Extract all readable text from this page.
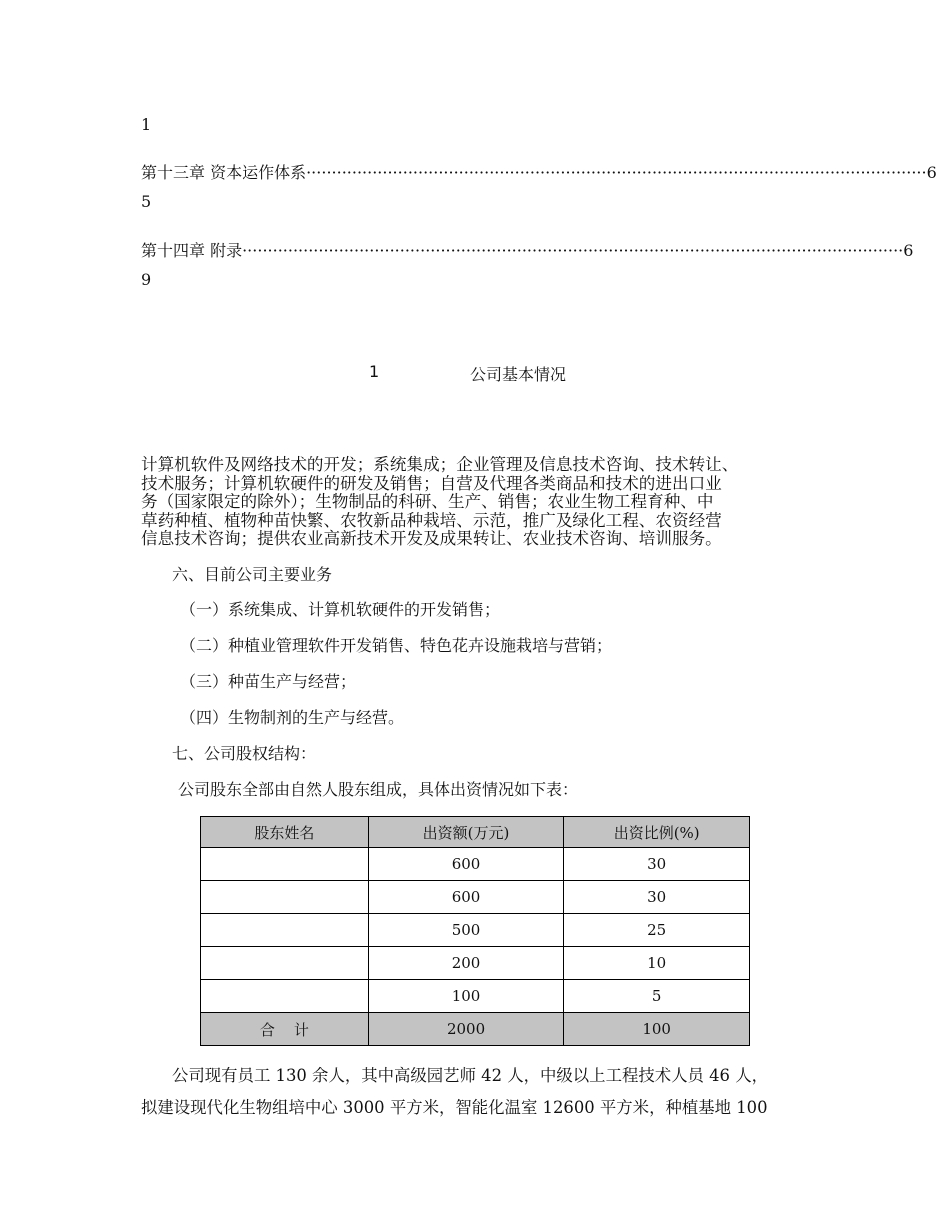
1
第十三章 资本运作体系 ·························································································································· 6
5
第十四章 附录 ·································································································································· 6
9
1	公司基本情况
计算机软件及网络技术的开发；系统集成；企业管理及信息技术咨询、技术转让、
技术服务；计算机软硬件的研发及销售；自营及代理各类商品和技术的进出口业
务（国家限定的除外）；生物制品的科研、生产、销售；农业生物工程育种、中
草药种植、植物种苗快繁、农牧新品种栽培、示范，推广及绿化工程、农资经营
信息技术咨询；提供农业高新技术开发及成果转让、农业技术咨询、培训服务。
六、目前公司主要业务
（一）系统集成、计算机软硬件的开发销售；
（二）种植业管理软件开发销售、特色花卉设施栽培与营销；
（三）种苗生产与经营；
（四）生物制剂的生产与经营。
七、公司股权结构：
公司股东全部由自然人股东组成，具体出资情况如下表：
股东姓名	出资额(万元)	出资比例(%)
	600	30
	600	30
	500	25
	200	10
	100	5
合    计	2000	100
公司现有员工 130 余人，其中高级园艺师 42 人，中级以上工程技术人员 46 人，
拟建设现代化生物组培中心 3000 平方米，智能化温室 12600 平方米，种植基地 100
